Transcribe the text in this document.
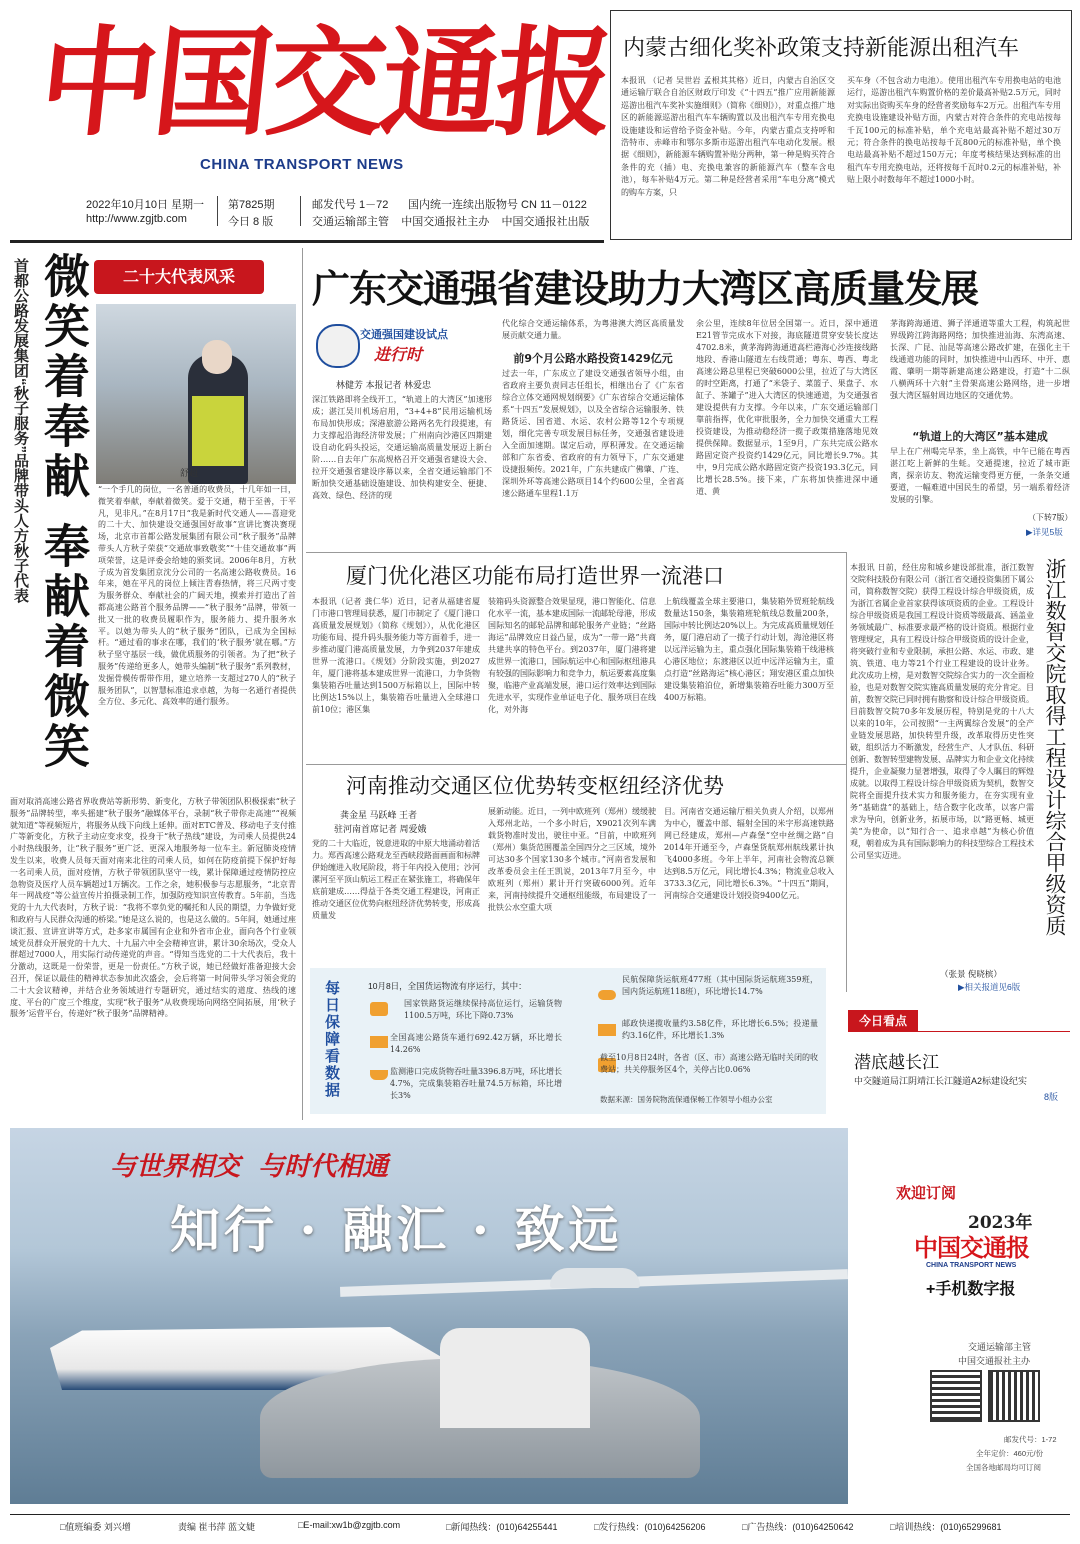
中国交通报
CHINA TRANSPORT NEWS
2022年10月10日 星期一
http://www.zgjtb.com
第7825期
今日 8 版
邮发代号 1－72 国内统一连续出版物号 CN 11－0122
交通运输部主管    中国交通报社主办    中国交通报社出版
内蒙古细化奖补政策支持新能源出租汽车
本报讯 （记者 吴世岩 孟根其其格）近日，内蒙古自治区交通运输厅联合自治区财政厅印发《“十四五”推广应用新能源巡游出租汽车奖补实施细则》（简称《细则》），对重点推广地区的新能源巡游出租汽车车辆购置以及出租汽车专用充换电设施建设和运营给予资金补贴。今年，内蒙古重点支持呼和浩特市、赤峰市和鄂尔多斯市巡游出租汽车电动化发展。根据《细则》，新能源车辆购置补贴分两种，第一种是购买符合条件的充（插）电、充换电兼容的新能源汽车（整车含电池），每车补贴4万元。第二种是经营者采用“车电分离”模式的购车方案，只
买车身（不包含动力电池）。使用出租汽车专用换电站的电池运行，巡游出租汽车购置价格的差价最高补贴2.5万元，同时对实际出资购买车身的经营者奖励每车2万元。出租汽车专用充换电设施建设补贴方面，内蒙古对符合条件的充电站按每千瓦100元的标准补贴，单个充电站最高补贴不超过30万元；符合条件的换电站按每千瓦800元的标准补贴，单个换电站最高补贴不超过150万元；年度考核结果达到标准的出租汽车专用充换电站，还将按每千瓦时0.2元的标准补贴，补贴上限小时数每年不超过1000小时。
首都公路发展集团“秋子服务”品牌带头人方秋子代表 微笑着奉献 奉献着微笑	二十大代表风采
舒超
“一个手几的岗位，一名普通的收费员，十几年如一日，微笑着奉献，奉献着微笑。爱于交通，精于至善，于平凡，见非凡。”在8月17日“我是新时代交通人——喜迎党的二十大、加快建设交通强国好故事”宣讲比赛决赛现场，北京市首都公路发展集团有限公司“秋子服务”品牌带头人方秋子荣获“交通故事致敬奖”“十佳交通故事”两项荣誉，这是评委会给她的颁奖词。2006年8月，方秋子成为首发集团京沈分公司的一名高速公路收费员。16年来，她在平凡的岗位上倾注青春热情，将三尺两寸变为服务群众、奉献社会的广阔天地，摸索并打造出了首都高速公路首个服务品牌——“秋子服务”品牌，带领一批又一批的收费员履职作为，服务能力、提升服务水平。以她为带头人的“秋子服务”团队，已成为全国标杆。“通过看的事求在哪，我们的‘秋子服务’就在哪。”方秋子坚守基层一线，做优质服务的引领者。为了把“秋子服务”传递给更多人，她带头编制“秋子服务”系列教材，发掘骨模传帮带作用，建立培养一支超过270人的“秋子服务团队”，以智慧标准追求卓越，为每一名通行者提供全方位、多元化、高效率的通行服务。
面对取消高速公路省界收费站等新形势、新变化，方秋子带领团队积极探索“秋子服务”品牌转型，率头摇建“秋子服务”融媒体平台，录制“秋子带你走高速”“视频就知道”等视频短片，将服务从线下向线上延伸。面对ETC普及、移动电子支付推广等新变化，方秋子主动应变求变，投身于“秋子热线”建设，为司乘人员提供24小时热线服务，让“秋子服务”更广泛、更深入地服务每一位车主。新冠肺炎疫情发生以来，收费人员每天面对南来北往的司乘人员，如何在防疫前提下保护好每一名司乘人员，面对疫情，方秋子带领团队坚守一线，累计保障通过疫情防控应急物资及医疗人员车辆超过1万辆次。工作之余，她积极参与志愿服务，“北京青年一网战疫”等公益宣传片拍摄录制工作，加强防疫知识宣传教育。5年前，当选党的十九大代表时，方秋子说：“我将不辜负党的嘱托和人民的期望，力争做好党和政府与人民群众沟通的桥梁。”她是这么说的，也是这么做的。5年间，她通过座谈汇报、宣讲宣讲等方式，赴多家市属国有企业和外省市企业，面向各个行业领域党员群众开展党的十九大、十九届六中全会精神宣讲，累计30余场次，受众人群超过7000人，用实际行动传递党的声音。“得知当选党的二十大代表后，我十分激动，这既是一份荣誉，更是一份责任。”方秋子说，她已经做好准备迎接大会召开，保证以最佳的精神状态参加此次盛会，会后将第一时间带头学习领会党的二十大会议精神，并结合业务领域进行专题研究，通过结实的道度、热线的速度、平台的广度三个维度，实现“秋子服务”从收费现场向网络空间拓展，用‘秋子服务’运营平台，传递好“秋子服务”品牌精神。
广东交通强省建设助力大湾区高质量发展
交通强国建设试点
进行时
林健芳 本报记者 林爱忠
深江铁路即将全线开工，“轨道上的大湾区”加速形成；湛江吴川机场启用，“3+4+8”民用运输机场布局加快形成；深港旅游公路两名先行段提速，有力支撑起沿海经济带发展；广州南向沙港区四期建设自动化码头投运，交通运输高质量发展迈上新台阶……自去年广东高规格召开交通强省建设大会、拉开交通强省建设序幕以来，全省交通运输部门不断加快交通基础设施建设、加快构建安全、便捷、高效、绿色、经济的现
代化综合交通运输体系，为粤港澳大湾区高质量发展贡献交通力量。
前9个月公路水路投资1429亿元
过去一年，广东成立了建设交通强省领导小组，由省政府主要负责同志任组长，相继出台了《广东省综合立体交通网规划纲要》《广东省综合交通运输体系“十四五”发展规划》，以及全省综合运输服务、铁路货运、国省道、水运、农村公路等12个专项规划，细化完善专项发展目标任务，交通强省建设进入全面加速期。谋定后动，厚积薄发。在交通运输部和广东省委、省政府的有力领导下，广东交通建设捷报频传。2021年，广东共建成广佛肇、广连、深圳外环等高速公路项目14个约600公里，全省高速公路通车里程1.1万
余公里，连续8年位居全国第一。近日，深中通道E21管节完成水下对接，海底隧道贯穿安装长度达4702.8米，黄茅海跨海通道高栏港海心沙连接线路地段、香港山隧道左右线贯通；粤东、粤西、粤北高速公路总里程已突破6000公里，拉近了与大湾区的时空距离，打通了“米袋子、菜篮子、果盘子、水缸子、茶罐子”进入大湾区的快速通道，为交通强省建设提供有力支撑。今年以来，广东交通运输部门靠前指挥，优化审批服务，全力加快交通重大工程投资建设，为推动稳经济一揽子政策措施落地见效提供保障。数据显示，1至9月，广东共完成公路水路固定资产投资约1429亿元，同比增长9.7%。其中，9月完成公路水路固定资产投资193.3亿元，同比增长28.5%。接下来，广东将加快推进深中通道、黄
茅海跨海通道、狮子洋通道等重大工程，构筑起世界级跨江跨海路网络；加快推进汕海、东湾高速、长深、广昆、汕昆等高速公路改扩建，在强化主干线通道功能的同时，加快推进中山西环、中开、惠霞、肇明一期等新建高速公路建设，打造“十二纵八横两环十六射”主骨架高速公路网络，进一步增强大湾区辐射周边地区的交通优势。
“轨道上的大湾区”基本建成
早上在广州喝完早茶，坐上高铁，中午已能在粤西湛江吃上新鲜的生蚝。交通提速，拉近了城市距离，探亲访友、物流运输变得更方便，一条条交通要道，一幅难道中国民生的希望，另一端系着经济发展的引擎。
（下转7版）
▶详见5版
厦门优化港区功能布局打造世界一流港口
本报讯（记者 龚仁华）近日，记者从福建省厦门市港口管理局获悉，厦门市制定了《厦门港口高质量发展规划》（简称《规划》），从优化港区功能布局、提升码头服务能力等方面着手，进一步推动厦门港高质量发展，力争到2037年建成世界一流港口。《规划》分阶段实施，到2027年，厦门港将基本建成世界一流港口，力争货物集装箱吞吐量达到1500万标箱以上，国际中转比例达15%以上，集装箱吞吐量进入全球港口前10位；港区集
装箱码头资源整合效果显现，港口智能化、信息化水平一流，基本建成国际一流邮轮母港，形成国际知名的邮轮品牌和邮轮服务产业链；“丝路海运”品牌效应日益凸显，成为“一带一路”共商共建共享的特色平台。到2037年，厦门港将建成世界一流港口，国际航运中心和国际枢纽港具有较强的国际影响力和竞争力，航运要素高度集聚，临港产业高端发展，港口运行效率达到国际先进水平，实现作业单证电子化、服务项目在线化，对外海
上航线覆盖全球主要港口，集装箱外贸班轮航线数量达150条，集装箱班轮航线总数量200条，国际中转比例达20%以上。为完成高质量规划任务，厦门港启动了一揽子行动计划，海沧港区将以远洋运输为主，重点强化国际集装箱干线港核心港区地位；东渡港区以近中远洋运输为主，重点打造“丝路海运”核心港区；翔安港区重点加快建设集装箱泊位，新增集装箱吞吐能力300万至400万标箱。
河南推动交通区位优势转变枢纽经济优势
龚金星 马跃峰 王者
驻河南首席记者 周爱娥
党的二十大临近，锐意进取的中原大地涌动着活力。郑西高速公路观龙至西峡段路面画面和标牌伊始缠进入收尾阶段，将于年内投入使用；沙河漯河至平顶山航运工程正在紧张施工，将确保年底前建成……得益于各类交通工程建设，河南正推动交通区位优势向枢纽经济优势转变，形成高质量发
展新动能。近日，一列中欧班列（郑州）缓缓驶入郑州北站，一个多小时后，X9021次列车满载货物准时发出，驶往中亚。“目前，中欧班列（郑州）集货范围覆盖全国四分之三区域，境外可达30多个国家130多个城市。”河南省发展和改革委员会主任王凯说，2013年7月至今，中欧班列（郑州）累计开行突破6000列。近年来，河南持续提升交通枢纽能级，布局建设了一批铁公水空重大项
目。河南省交通运输厅相关负责人介绍，以郑州为中心，覆盖中部、辐射全国的米字形高速铁路网已经建成，郑州—卢森堡“空中丝绸之路”自2014年开通至今，卢森堡货航郑州航线累计执飞4000多班。今年上半年，河南社会物流总额达到8.5万亿元，同比增长4.3%；物流业总收入3733.3亿元，同比增长6.3%。“十四五”期间，河南综合交通建设计划投资9400亿元。	浙江数智交院取得工程设计综合甲级资质
本报讯 日前，经住房和城乡建设部批准，浙江数智交院科技股份有限公司（浙江省交通投资集团下属公司，简称数智交院）获得工程设计综合甲级资质，成为浙江省属企业首家获得该项资质的企业。工程设计综合甲级资质是我国工程设计资质等级最高、涵盖业务领域最广、标准要求最严格的设计资质。根据行业管理规定，具有工程设计综合甲级资质的设计企业，将突破行业和专业限制，承担公路、水运、市政、建筑、铁道、电力等21个行业工程建设的设计业务。此次成功上榜，是对数智交院综合实力的一次全面检验，也是对数智交院实施高质量发展的充分肯定。目前，数智交院已同时拥有勘察和设计综合甲级资质。目前数智交院70多年发展历程，特别是党的十八大以来的10年，公司按照“一主两翼综合发展”的全产业链发展思路，加快转型升级，改革取得历史性突破，组织活力不断激发，经营生产、人才队伍、科研创新、数智转型建物发展、品牌实力和企业文化持续提升，企业凝聚力显著增强，取得了令人瞩目的辉煌成就。以取得工程设计综合甲级资质为契机，数智交院将全面提升技术实力和服务能力，在夯实现有业务“基础盘”的基础上，结合数字化改革，以客户需求为导向，创新业务，拓展市场，以“路更畅、城更美”为使命，以“知行合一、追求卓越”为核心价值观，朝着成为具有国际影响力的科技型综合工程技术公司坚实迈进。
（张景 倪晓槟）
▶相关报道见6版
每日保障看数据	10月8日，全国货运物流有序运行，其中：
国家铁路货运继续保持高位运行，运输货物1100.5万吨，环比下降0.73%
全国高速公路货车通行692.42万辆，环比增长14.26%
监测港口完成货物吞吐量3396.8万吨，环比增长4.7%，完成集装箱吞吐量74.5万标箱，环比增长3%
民航保障货运航班477班（其中国际货运航班359班，国内货运航班118班），环比增长14.7%
邮政快递揽收量约3.58亿件，环比增长6.5%；投递量约3.16亿件，环比增长1.3%
截至10月8日24时，各省（区、市）高速公路无临时关闭的收费站；共关停服务区4个，关停占比0.06%
数据来源：国务院物流保通保畅工作领导小组办公室
今日看点
潜底越长江
中交隧道局江阴靖江长江隧道A2标建设纪实
8版
与世界相交  与时代相通
知行 · 融汇 · 致远
欢迎订阅
2023年
中国交通报
CHINA TRANSPORT NEWS
+手机数字报
交通运输部主管
中国交通报社主办
邮发代号：1-72
全年定价：460元/份
全国各地邮局均可订阅
□值班编委 刘兴增	责编 崔书萍 蓝文婕	□E-mail:xw1b@zgjtb.com	□新闻热线：(010)64255441	□发行热线：(010)64256206	□广告热线：(010)64250642	□培训热线：(010)65299681
